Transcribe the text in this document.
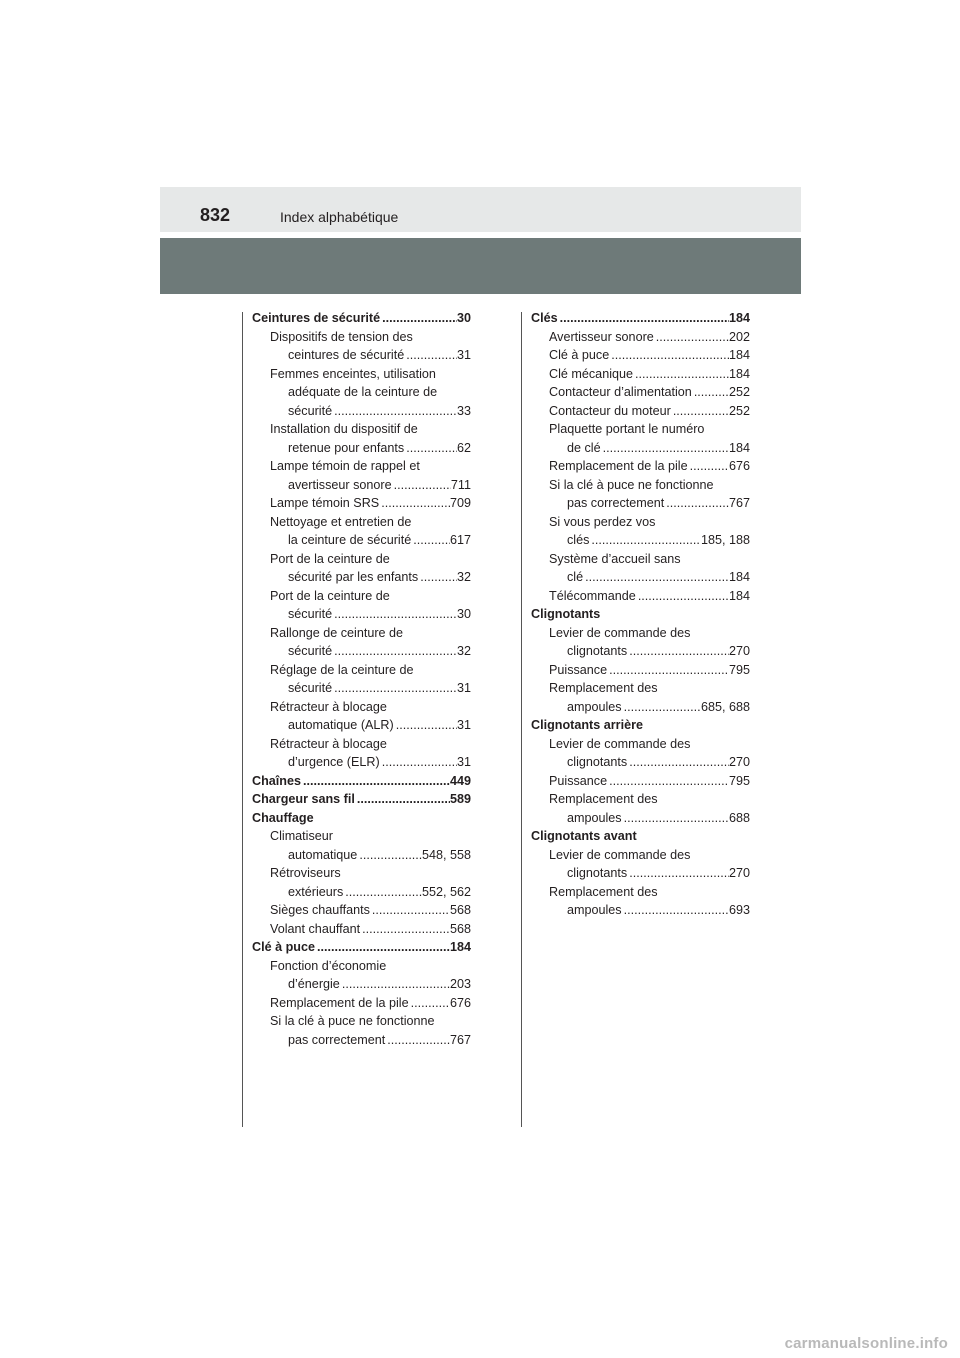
832	Index alphabétique
Ceintures de sécurité .....	30
Dispositifs de tension des
ceintures de sécurité .....	31
Femmes enceintes, utilisation
adéquate de la ceinture de
sécurité .....	33
Installation du dispositif de
retenue pour enfants .....	62
Lampe témoin de rappel et
avertisseur sonore .....	711
Lampe témoin SRS .....	709
Nettoyage et entretien de
la ceinture de sécurité .....	617
Port de la ceinture de
sécurité par les enfants .....	32
Port de la ceinture de
sécurité .....	30
Rallonge de ceinture de
sécurité .....	32
Réglage de la ceinture de
sécurité .....	31
Rétracteur à blocage
automatique (ALR) .....	31
Rétracteur à blocage
d’urgence (ELR) .....	31
Chaînes .....	449
Chargeur sans fil .....	589
Chauffage
Climatiseur
automatique .....	548, 558
Rétroviseurs
extérieurs .....	552, 562
Sièges chauffants .....	568
Volant chauffant .....	568
Clé à puce .....	184
Fonction d’économie
d’énergie .....	203
Remplacement de la pile .....	676
Si la clé à puce ne fonctionne
pas correctement .....	767
Clés .....	184
Avertisseur sonore .....	202
Clé à puce .....	184
Clé mécanique .....	184
Contacteur d’alimentation .....	252
Contacteur du moteur .....	252
Plaquette portant le numéro
de clé .....	184
Remplacement de la pile .....	676
Si la clé à puce ne fonctionne
pas correctement .....	767
Si vous perdez vos
clés .....	185, 188
Système d’accueil sans
clé .....	184
Télécommande .....	184
Clignotants
Levier de commande des
clignotants .....	270
Puissance .....	795
Remplacement des
ampoules .....	685, 688
Clignotants arrière
Levier de commande des
clignotants .....	270
Puissance .....	795
Remplacement des
ampoules .....	688
Clignotants avant
Levier de commande des
clignotants .....	270
Remplacement des
ampoules .....	693
carmanualsonline.info
